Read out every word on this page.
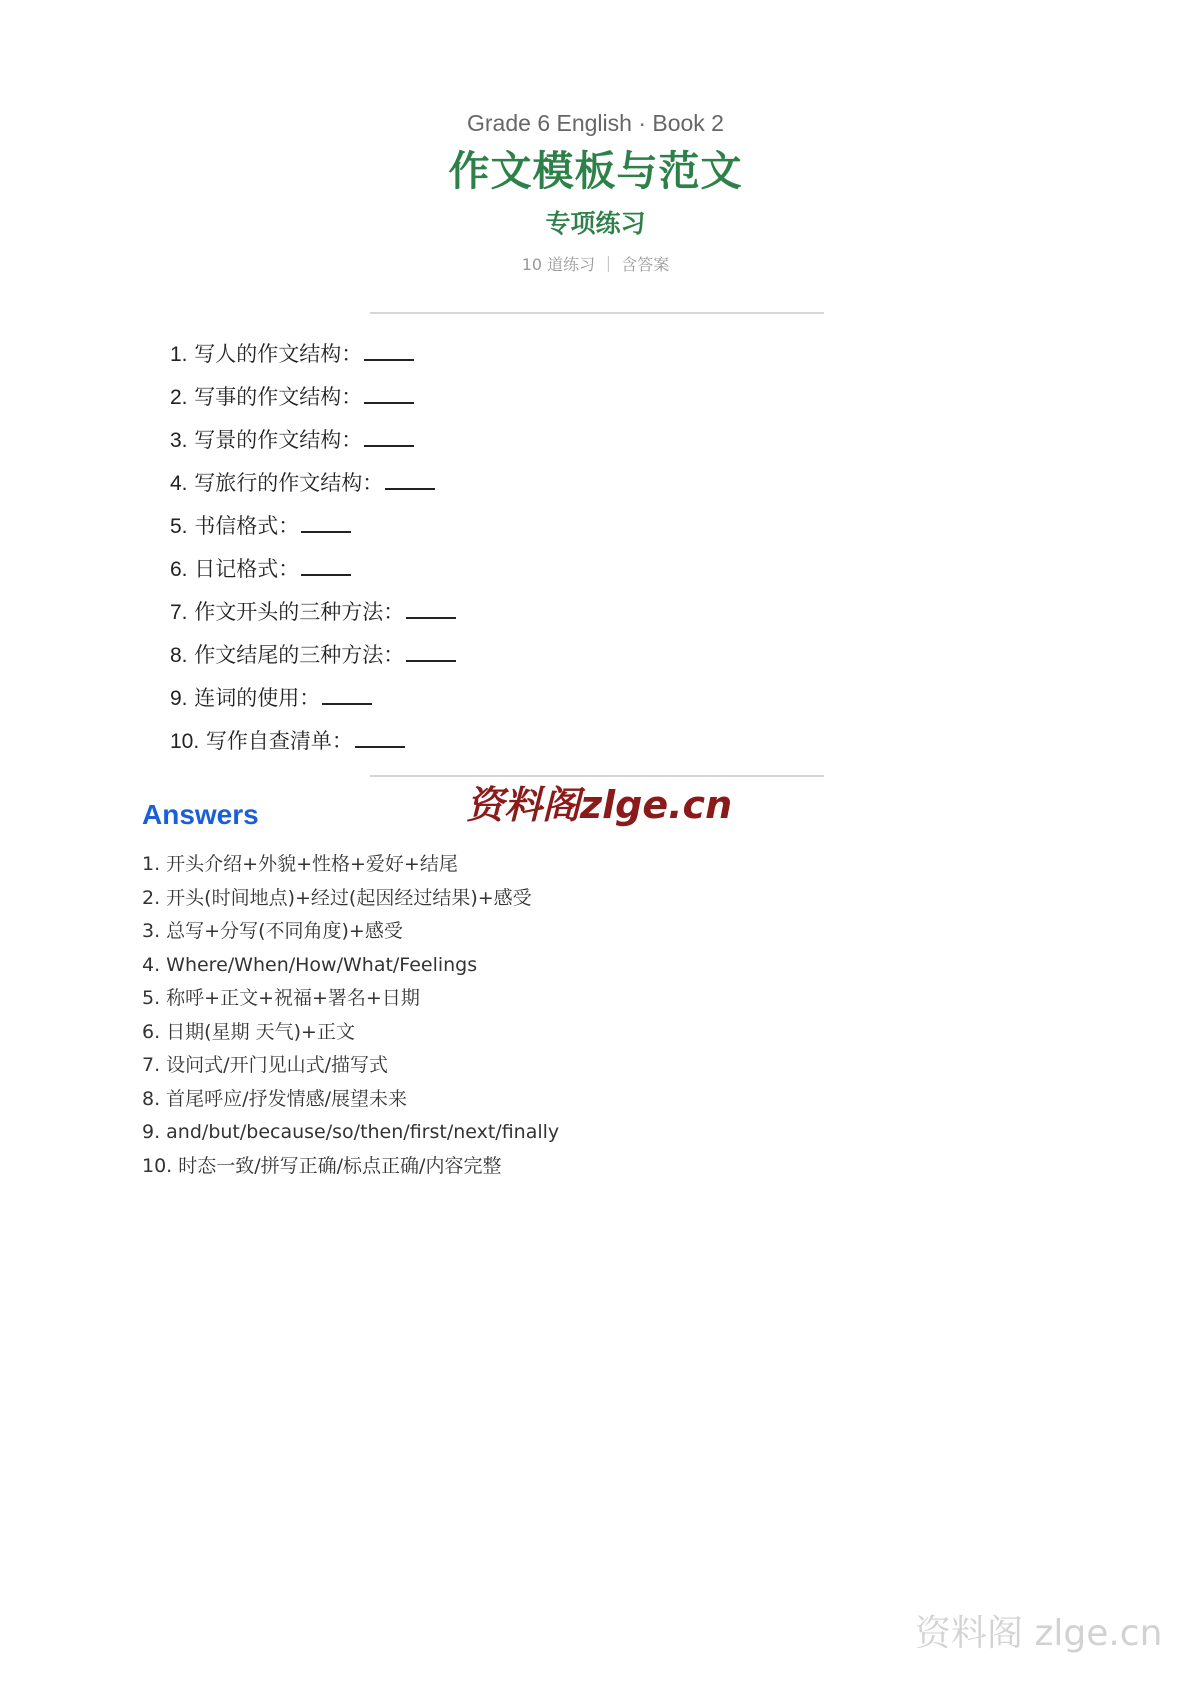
Grade 6 English · Book 2
作文模板与范文
专项练习
10 道练习 ｜ 含答案
1. 写人的作文结构：
2. 写事的作文结构：
3. 写景的作文结构：
4. 写旅行的作文结构：
5. 书信格式：
6. 日记格式：
7. 作文开头的三种方法：
8. 作文结尾的三种方法：
9. 连词的使用：
10. 写作自查清单：
Answers	资料阁zlge.cn
1. 开头介绍+外貌+性格+爱好+结尾
2. 开头(时间地点)+经过(起因经过结果)+感受
3. 总写+分写(不同角度)+感受
4. Where/When/How/What/Feelings
5. 称呼+正文+祝福+署名+日期
6. 日期(星期 天气)+正文
7. 设问式/开门见山式/描写式
8. 首尾呼应/抒发情感/展望未来
9. and/but/because/so/then/first/next/finally
10. 时态一致/拼写正确/标点正确/内容完整
资料阁 zlge.cn
